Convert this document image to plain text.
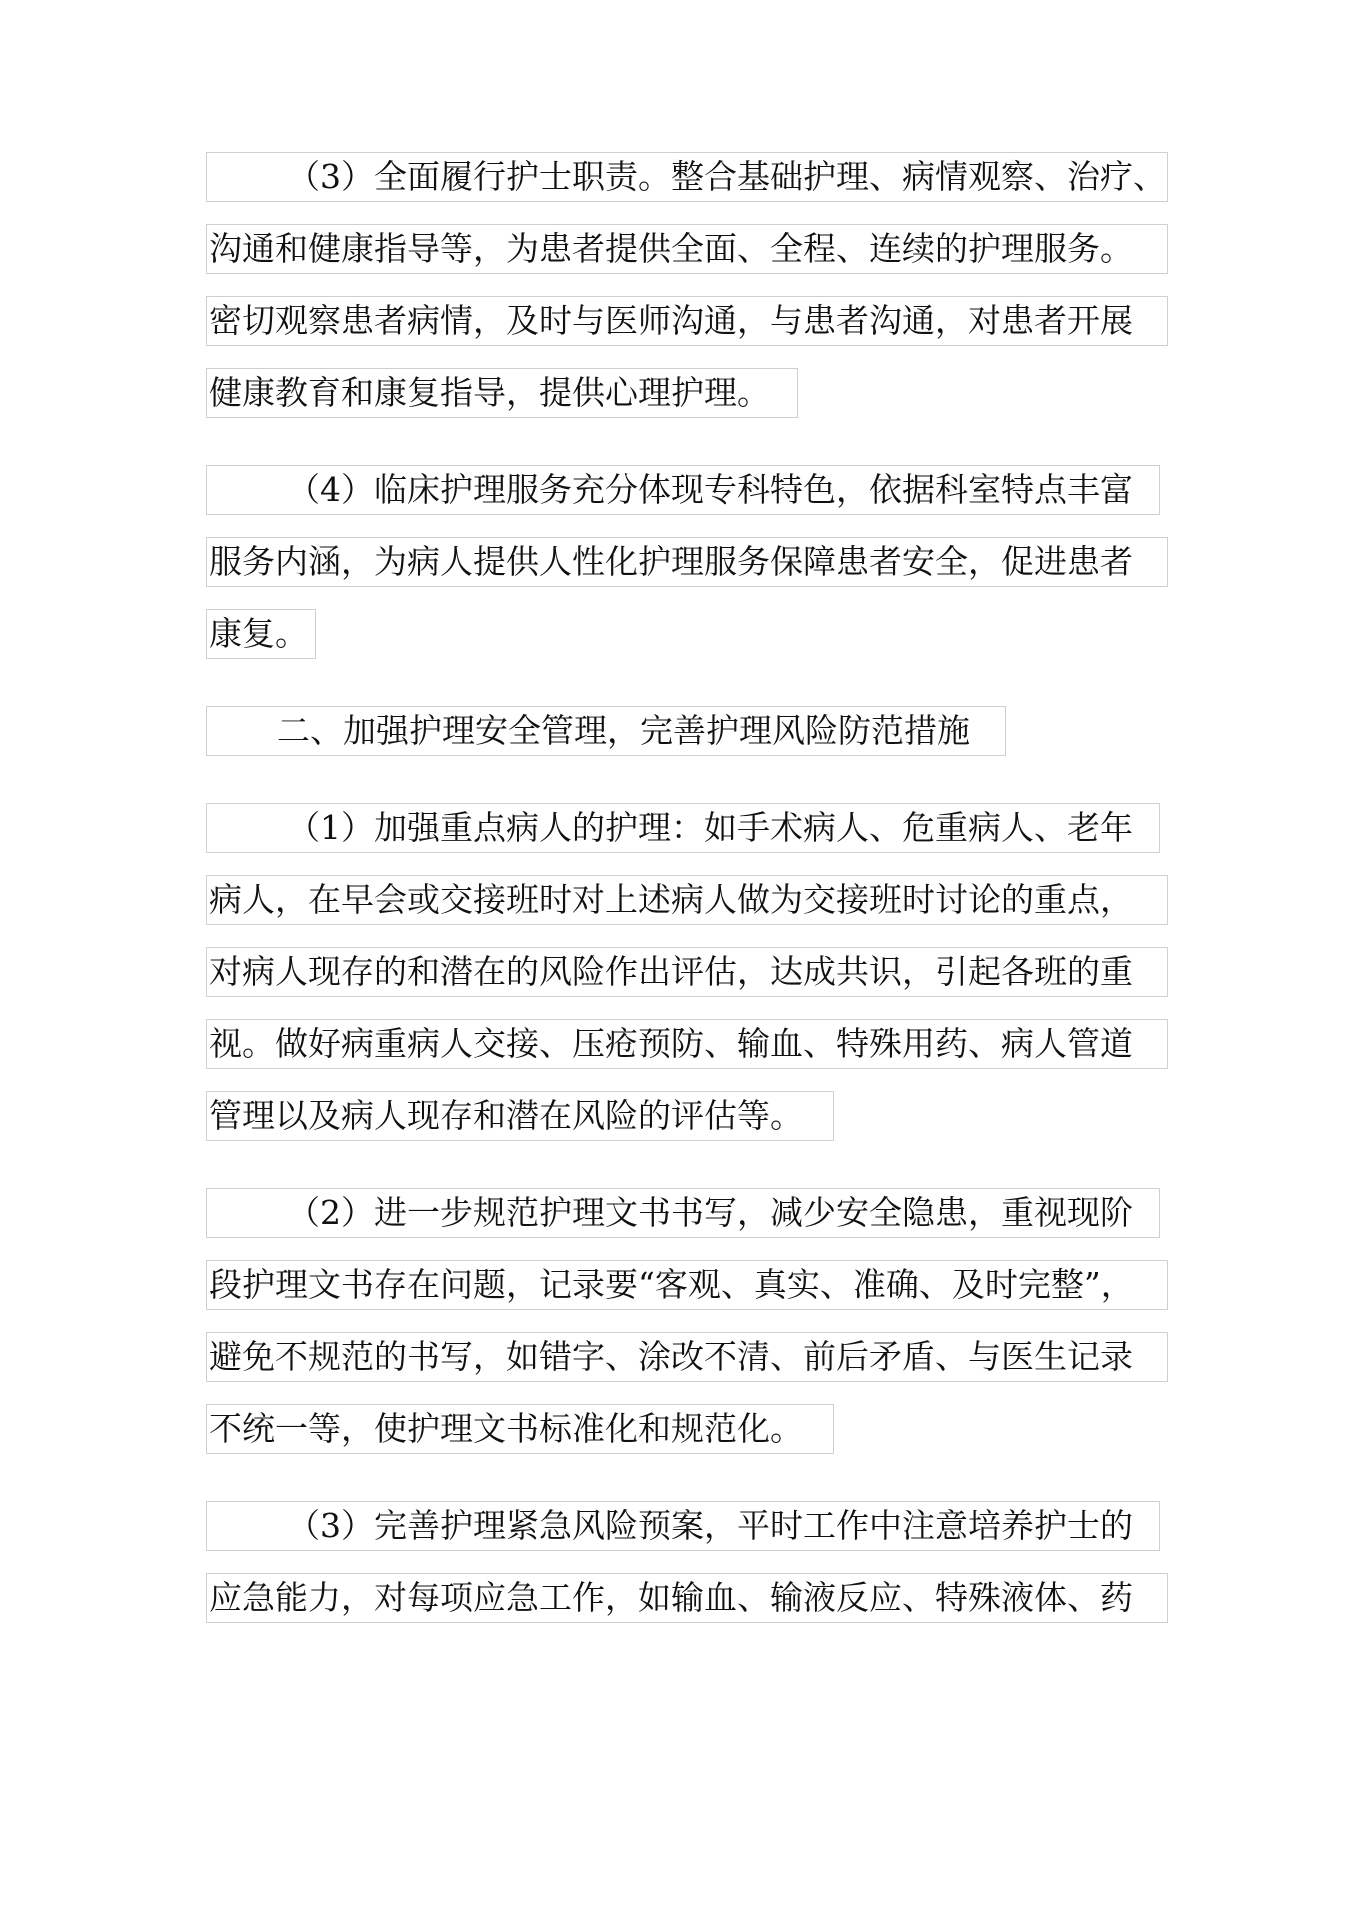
（3）全面履行护士职责。整合基础护理、病情观察、治疗、
沟通和健康指导等，为患者提供全面、全程、连续的护理服务。
密切观察患者病情，及时与医师沟通，与患者沟通，对患者开展
健康教育和康复指导，提供心理护理。
（4）临床护理服务充分体现专科特色，依据科室特点丰富
服务内涵，为病人提供人性化护理服务保障患者安全，促进患者
康复。
二、加强护理安全管理，完善护理风险防范措施
（1）加强重点病人的护理：如手术病人、危重病人、老年
病人，在早会或交接班时对上述病人做为交接班时讨论的重点，
对病人现存的和潜在的风险作出评估，达成共识，引起各班的重
视。做好病重病人交接、压疮预防、输血、特殊用药、病人管道
管理以及病人现存和潜在风险的评估等。
（2）进一步规范护理文书书写，减少安全隐患，重视现阶
段护理文书存在问题，记录要“客观、真实、准确、及时完整”，
避免不规范的书写，如错字、涂改不清、前后矛盾、与医生记录
不统一等，使护理文书标准化和规范化。
（3）完善护理紧急风险预案，平时工作中注意培养护士的
应急能力，对每项应急工作，如输血、输液反应、特殊液体、药
